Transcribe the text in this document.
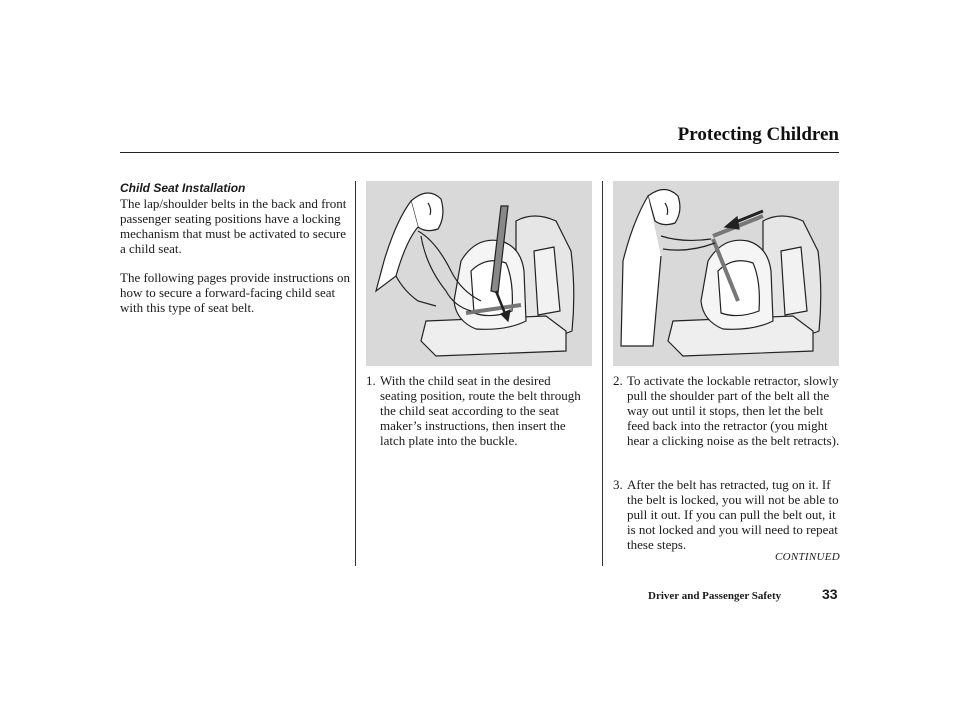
Protecting Children

Child Seat Installation

The lap/shoulder belts in the back and front passenger seating positions have a locking mechanism that must be activated to secure a child seat.

The following pages provide instructions on how to secure a forward-facing child seat with this type of seat belt.

1. With the child seat in the desired seating position, route the belt through the child seat according to the seat maker’s instructions, then insert the latch plate into the buckle.
2. To activate the lockable retractor, slowly pull the shoulder part of the belt all the way out until it stops, then let the belt feed back into the retractor (you might hear a clicking noise as the belt retracts).
3. After the belt has retracted, tug on it. If the belt is locked, you will not be able to pull it out. If you can pull the belt out, it is not locked and you will need to repeat these steps.
CONTINUED
Driver and Passenger Safety	33
